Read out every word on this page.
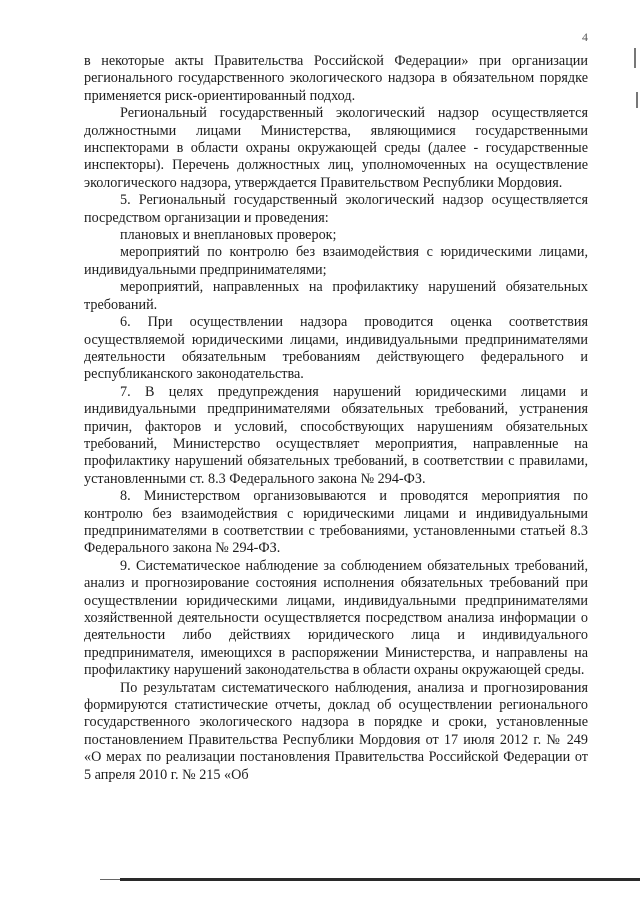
4

в некоторые акты Правительства Российской Федерации» при организации регионального государственного экологического надзора в обязательном порядке применяется риск-ориентированный подход.

Региональный государственный экологический надзор осуществляется должностными лицами Министерства, являющимися государственными инспекторами в области охраны окружающей среды (далее - государственные инспекторы). Перечень должностных лиц, уполномоченных на осуществление экологического надзора, утверждается Правительством Республики Мордовия.

5. Региональный государственный экологический надзор осуществляется посредством организации и проведения:

плановых и внеплановых проверок;

мероприятий по контролю без взаимодействия с юридическими лицами, индивидуальными предпринимателями;

мероприятий, направленных на профилактику нарушений обязательных требований.

6. При осуществлении надзора проводится оценка соответствия осуществляемой юридическими лицами, индивидуальными предпринимателями деятельности обязательным требованиям действующего федерального и республиканского законодательства.

7. В целях предупреждения нарушений юридическими лицами и индивидуальными предпринимателями обязательных требований, устранения причин, факторов и условий, способствующих нарушениям обязательных требований, Министерство осуществляет мероприятия, направленные на профилактику нарушений обязательных требований, в соответствии с правилами, установленными ст. 8.3 Федерального закона № 294-ФЗ.

8. Министерством организовываются и проводятся мероприятия по контролю без взаимодействия с юридическими лицами и индивидуальными предпринимателями в соответствии с требованиями, установленными статьей 8.3 Федерального закона № 294-ФЗ.

9. Систематическое наблюдение за соблюдением обязательных требований, анализ и прогнозирование состояния исполнения обязательных требований при осуществлении юридическими лицами, индивидуальными предпринимателями хозяйственной деятельности осуществляется посредством анализа информации о деятельности либо действиях юридического лица и индивидуального предпринимателя, имеющихся в распоряжении Министерства, и направлены на профилактику нарушений законодательства в области охраны окружающей среды.

По результатам систематического наблюдения, анализа и прогнозирования формируются статистические отчеты, доклад об осуществлении регионального государственного экологического надзора в порядке и сроки, установленные постановлением Правительства Республики Мордовия от 17 июля 2012 г. № 249 «О мерах по реализации постановления Правительства Российской Федерации от 5 апреля 2010 г. № 215 «Об
